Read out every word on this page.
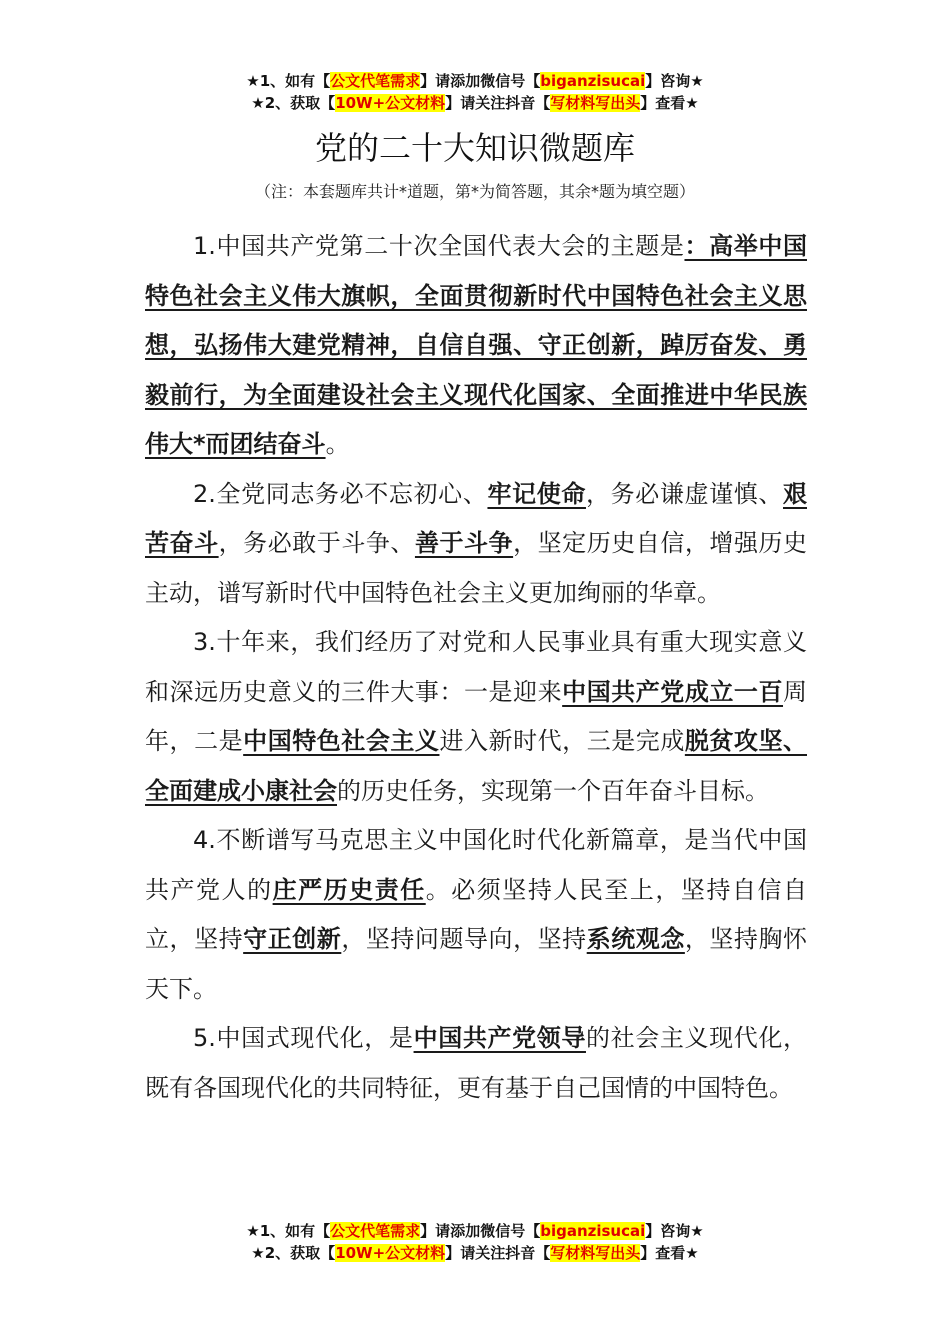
★1、如有【公文代笔需求】请添加微信号【biganzisucai】咨询★
★2、获取【10W+公文材料】请关注抖音【写材料写出头】查看★
党的二十大知识微题库
（注：本套题库共计*道题，第*为简答题，其余*题为填空题）

1.中国共产党第二十次全国代表大会的主题是：高举中国特色社会主义伟大旗帜，全面贯彻新时代中国特色社会主义思想，弘扬伟大建党精神，自信自强、守正创新，踔厉奋发、勇毅前行，为全面建设社会主义现代化国家、全面推进中华民族伟大*而团结奋斗。

2.全党同志务必不忘初心、牢记使命，务必谦虚谨慎、艰苦奋斗，务必敢于斗争、善于斗争，坚定历史自信，增强历史主动，谱写新时代中国特色社会主义更加绚丽的华章。

3.十年来，我们经历了对党和人民事业具有重大现实意义和深远历史意义的三件大事：一是迎来中国共产党成立一百周年，二是中国特色社会主义进入新时代，三是完成脱贫攻坚、全面建成小康社会的历史任务，实现第一个百年奋斗目标。

4.不断谱写马克思主义中国化时代化新篇章，是当代中国共产党人的庄严历史责任。必须坚持人民至上，坚持自信自立，坚持守正创新，坚持问题导向，坚持系统观念，坚持胸怀天下。

5.中国式现代化，是中国共产党领导的社会主义现代化，既有各国现代化的共同特征，更有基于自己国情的中国特色。

★1、如有【公文代笔需求】请添加微信号【biganzisucai】咨询★
★2、获取【10W+公文材料】请关注抖音【写材料写出头】查看★
